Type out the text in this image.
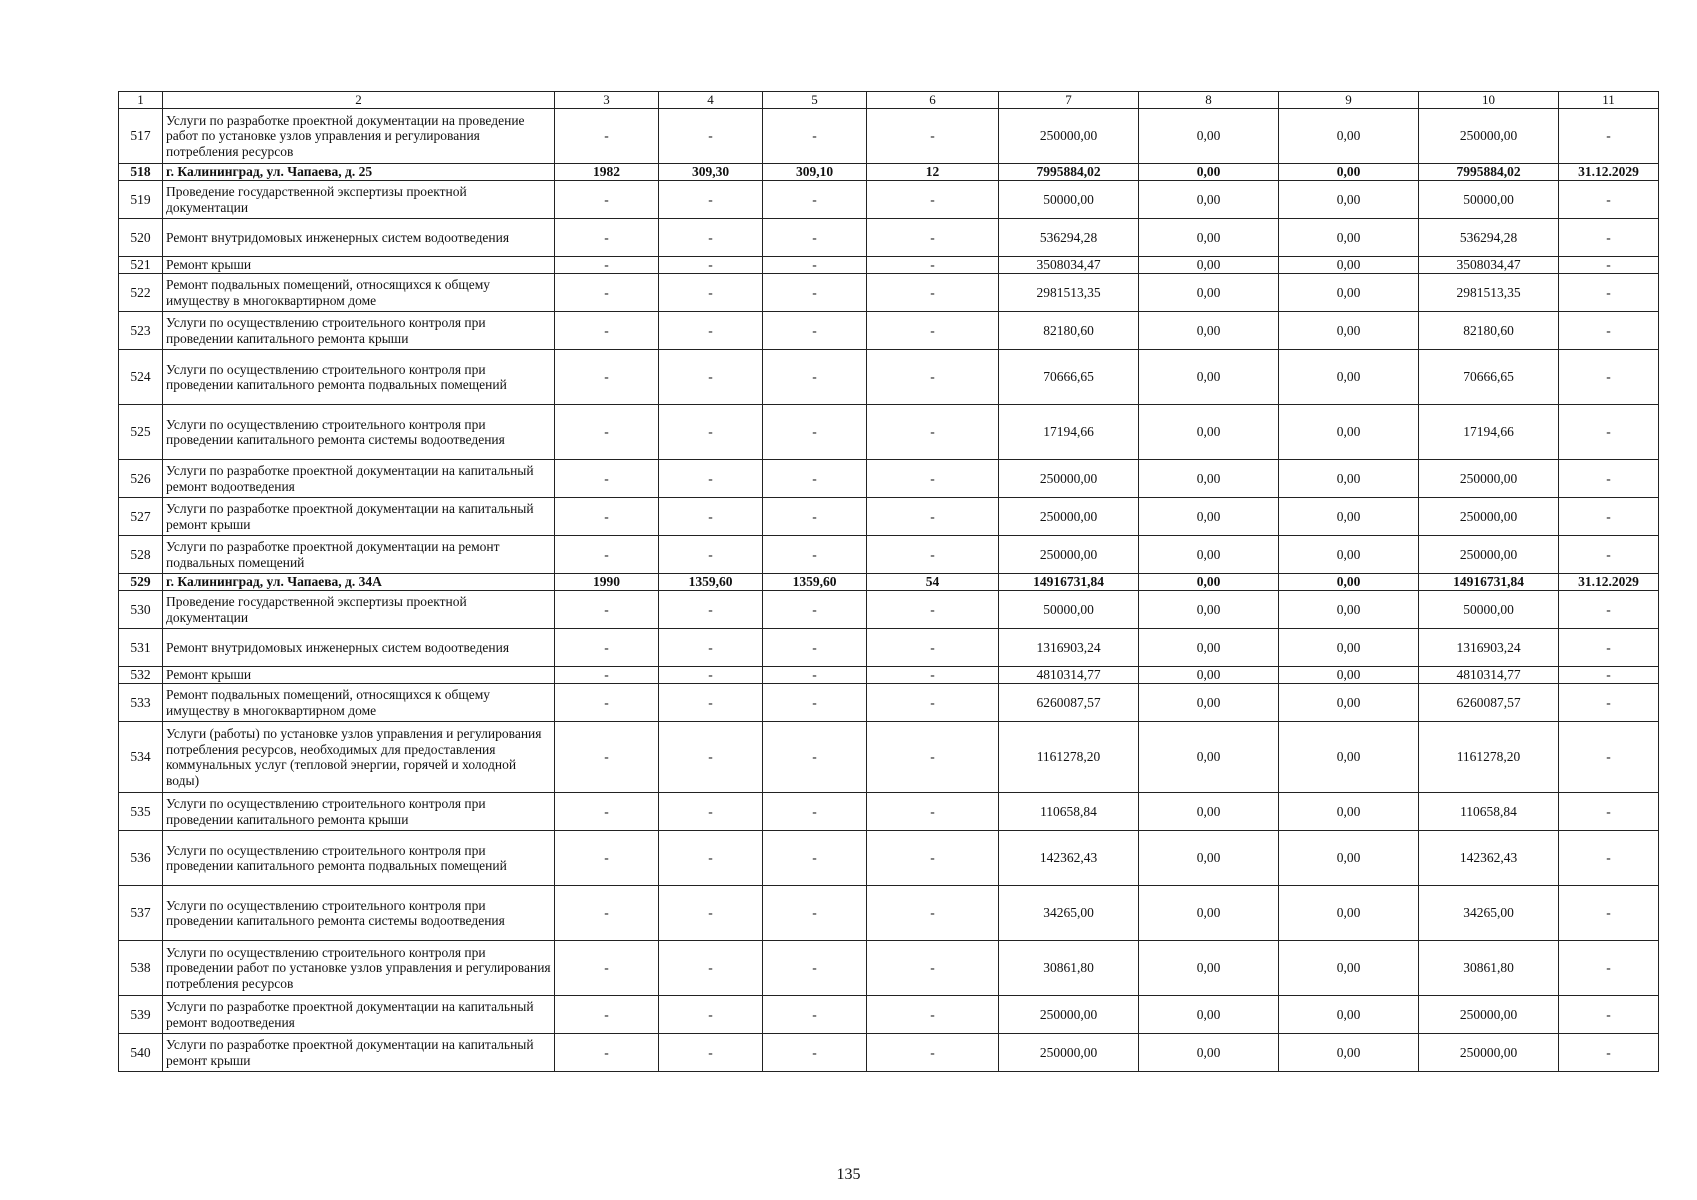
1	2	3	4	5	6	7	8	9	10	11
517	Услуги по разработке проектной документации на проведение работ по установке узлов управления и регулирования потребления ресурсов	-	-	-	-	250000,00	0,00	0,00	250000,00	-
518	г. Калининград, ул. Чапаева, д. 25	1982	309,30	309,10	12	7995884,02	0,00	0,00	7995884,02	31.12.2029
519	Проведение государственной экспертизы проектной документации	-	-	-	-	50000,00	0,00	0,00	50000,00	-
520	Ремонт внутридомовых инженерных систем водоотведения	-	-	-	-	536294,28	0,00	0,00	536294,28	-
521	Ремонт крыши	-	-	-	-	3508034,47	0,00	0,00	3508034,47	-
522	Ремонт подвальных помещений, относящихся к общему имуществу в многоквартирном доме	-	-	-	-	2981513,35	0,00	0,00	2981513,35	-
523	Услуги по осуществлению строительного контроля при проведении капитального ремонта крыши	-	-	-	-	82180,60	0,00	0,00	82180,60	-
524	Услуги по осуществлению строительного контроля при проведении капитального ремонта подвальных помещений	-	-	-	-	70666,65	0,00	0,00	70666,65	-
525	Услуги по осуществлению строительного контроля при проведении капитального ремонта системы водоотведения	-	-	-	-	17194,66	0,00	0,00	17194,66	-
526	Услуги по разработке проектной документации на капитальный ремонт водоотведения	-	-	-	-	250000,00	0,00	0,00	250000,00	-
527	Услуги по разработке проектной документации на капитальный ремонт крыши	-	-	-	-	250000,00	0,00	0,00	250000,00	-
528	Услуги по разработке проектной документации на ремонт подвальных помещений	-	-	-	-	250000,00	0,00	0,00	250000,00	-
529	г. Калининград, ул. Чапаева, д. 34А	1990	1359,60	1359,60	54	14916731,84	0,00	0,00	14916731,84	31.12.2029
530	Проведение государственной экспертизы проектной документации	-	-	-	-	50000,00	0,00	0,00	50000,00	-
531	Ремонт внутридомовых инженерных систем водоотведения	-	-	-	-	1316903,24	0,00	0,00	1316903,24	-
532	Ремонт крыши	-	-	-	-	4810314,77	0,00	0,00	4810314,77	-
533	Ремонт подвальных помещений, относящихся к общему имуществу в многоквартирном доме	-	-	-	-	6260087,57	0,00	0,00	6260087,57	-
534	Услуги (работы) по установке узлов управления и регулирования потребления ресурсов, необходимых для предоставления коммунальных услуг (тепловой энергии, горячей и холодной воды)	-	-	-	-	1161278,20	0,00	0,00	1161278,20	-
535	Услуги по осуществлению строительного контроля при проведении капитального ремонта крыши	-	-	-	-	110658,84	0,00	0,00	110658,84	-
536	Услуги по осуществлению строительного контроля при проведении капитального ремонта подвальных помещений	-	-	-	-	142362,43	0,00	0,00	142362,43	-
537	Услуги по осуществлению строительного контроля при проведении капитального ремонта системы водоотведения	-	-	-	-	34265,00	0,00	0,00	34265,00	-
538	Услуги по осуществлению строительного контроля при проведении работ по установке узлов управления и регулирования потребления ресурсов	-	-	-	-	30861,80	0,00	0,00	30861,80	-
539	Услуги по разработке проектной документации на капитальный ремонт водоотведения	-	-	-	-	250000,00	0,00	0,00	250000,00	-
540	Услуги по разработке проектной документации на капитальный ремонт крыши	-	-	-	-	250000,00	0,00	0,00	250000,00	-
135
